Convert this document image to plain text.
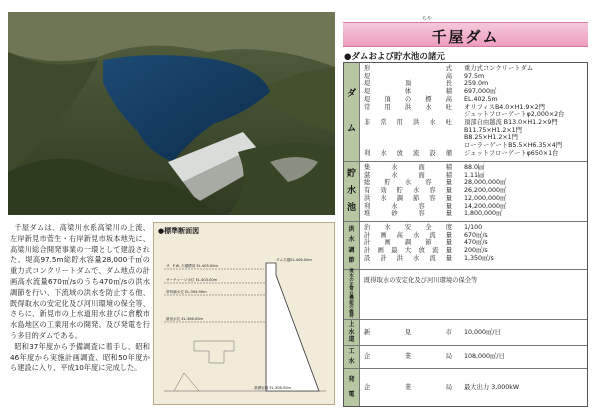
千屋ダムは、高梁川水系高梁川の上流、左岸新見市菅生・右岸新見市坂本地先に、高梁川総合開発事業の一環として建設された、堤高97.5m総貯水容量28,000千㎥の重力式コンクリートダムで、ダム地点の計画高水流量670㎥/sのうち470㎥/sの洪水調節を行い、下流域の洪水を防止する他、既得取水の安定化及び河川環境の保全等、さらに、新見市の上水道用水並びに倉敷市水島地区の工業用水の開発、及び発電を行う多目的ダムである。

昭和37年度から予備調査に着手し、昭和46年度から実施計画調査、昭和50年度から建設に入り、平成10年度に完成した。

●標準断面図
サ．F.W. 天端標高 EL.405.00m
ダム天端EL.406.00m
サーチャージ水位 EL.403.00m
常時満水位 EL.394.90m
最低水位 EL.366.00m
基礎岩盤 EL.308.50m
ちや
千屋ダム
●ダムおよび貯水池の諸元
ダ
ム
形式	重力式コンクリートダム
堤高	97.5m
堤頂長	259.0m
堤体積	697,000㎥
堤頂の標高	EL.402.5m
常用洪水吐	オリフィスB4.0×H1.9×2門
ジェットフローゲートφ2,000×2台
非常用洪水吐	頂部自由越流 B13.0×H1.2×9門
B11.75×H1.2×1門
B8.25×H1.2×1門
ローラーゲートB5.5×H6.35×4門
利水放流設備	ジェットフローゲートφ650×1台
貯
水
池
集水面積	88.0㎢
湛水面積	1.11㎢
総貯水容量	28,000,000㎥
有効貯水容量	26,200,000㎥
洪水調節容量	12,000,000㎥
利水容量	14,200,000㎥
堆砂容量	1,800,000㎥
洪
水
調
節
治水安全度	1/100
計画高水流量	670㎥/s
計画調節量	470㎥/s
計画最大放流量	200㎥/s
設計洪水流量	1,350㎥/s
流
水
の
正
常
な
機
能
の
維
持
既得取水の安定化及び河川環境の保全等
上
水
道
新見市	10,000㎥/日
工
水
企業局	108,000㎥/日
発
電
企業局	最大出力 3,000kW
